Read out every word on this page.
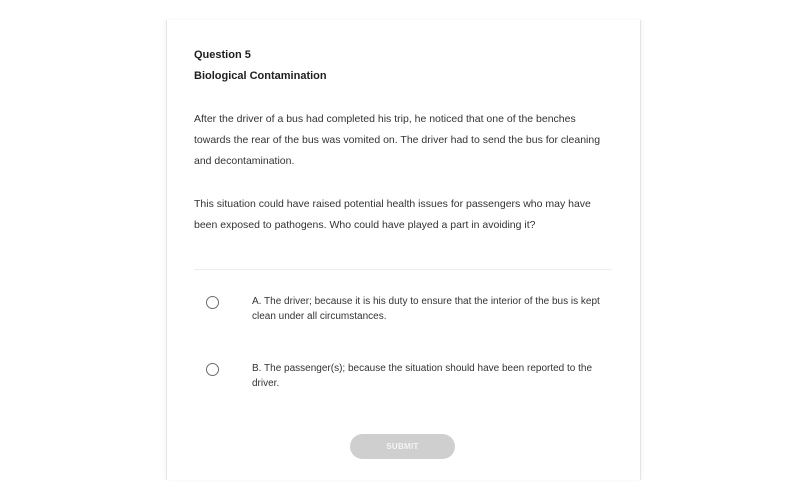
Question 5
Biological Contamination
After the driver of a bus had completed his trip, he noticed that one of the benches towards the rear of the bus was vomited on. The driver had to send the bus for cleaning and decontamination.
This situation could have raised potential health issues for passengers who may have been exposed to pathogens. Who could have played a part in avoiding it?
A. The driver; because it is his duty to ensure that the interior of the bus is kept clean under all circumstances.
B. The passenger(s); because the situation should have been reported to the driver.
SUBMIT
